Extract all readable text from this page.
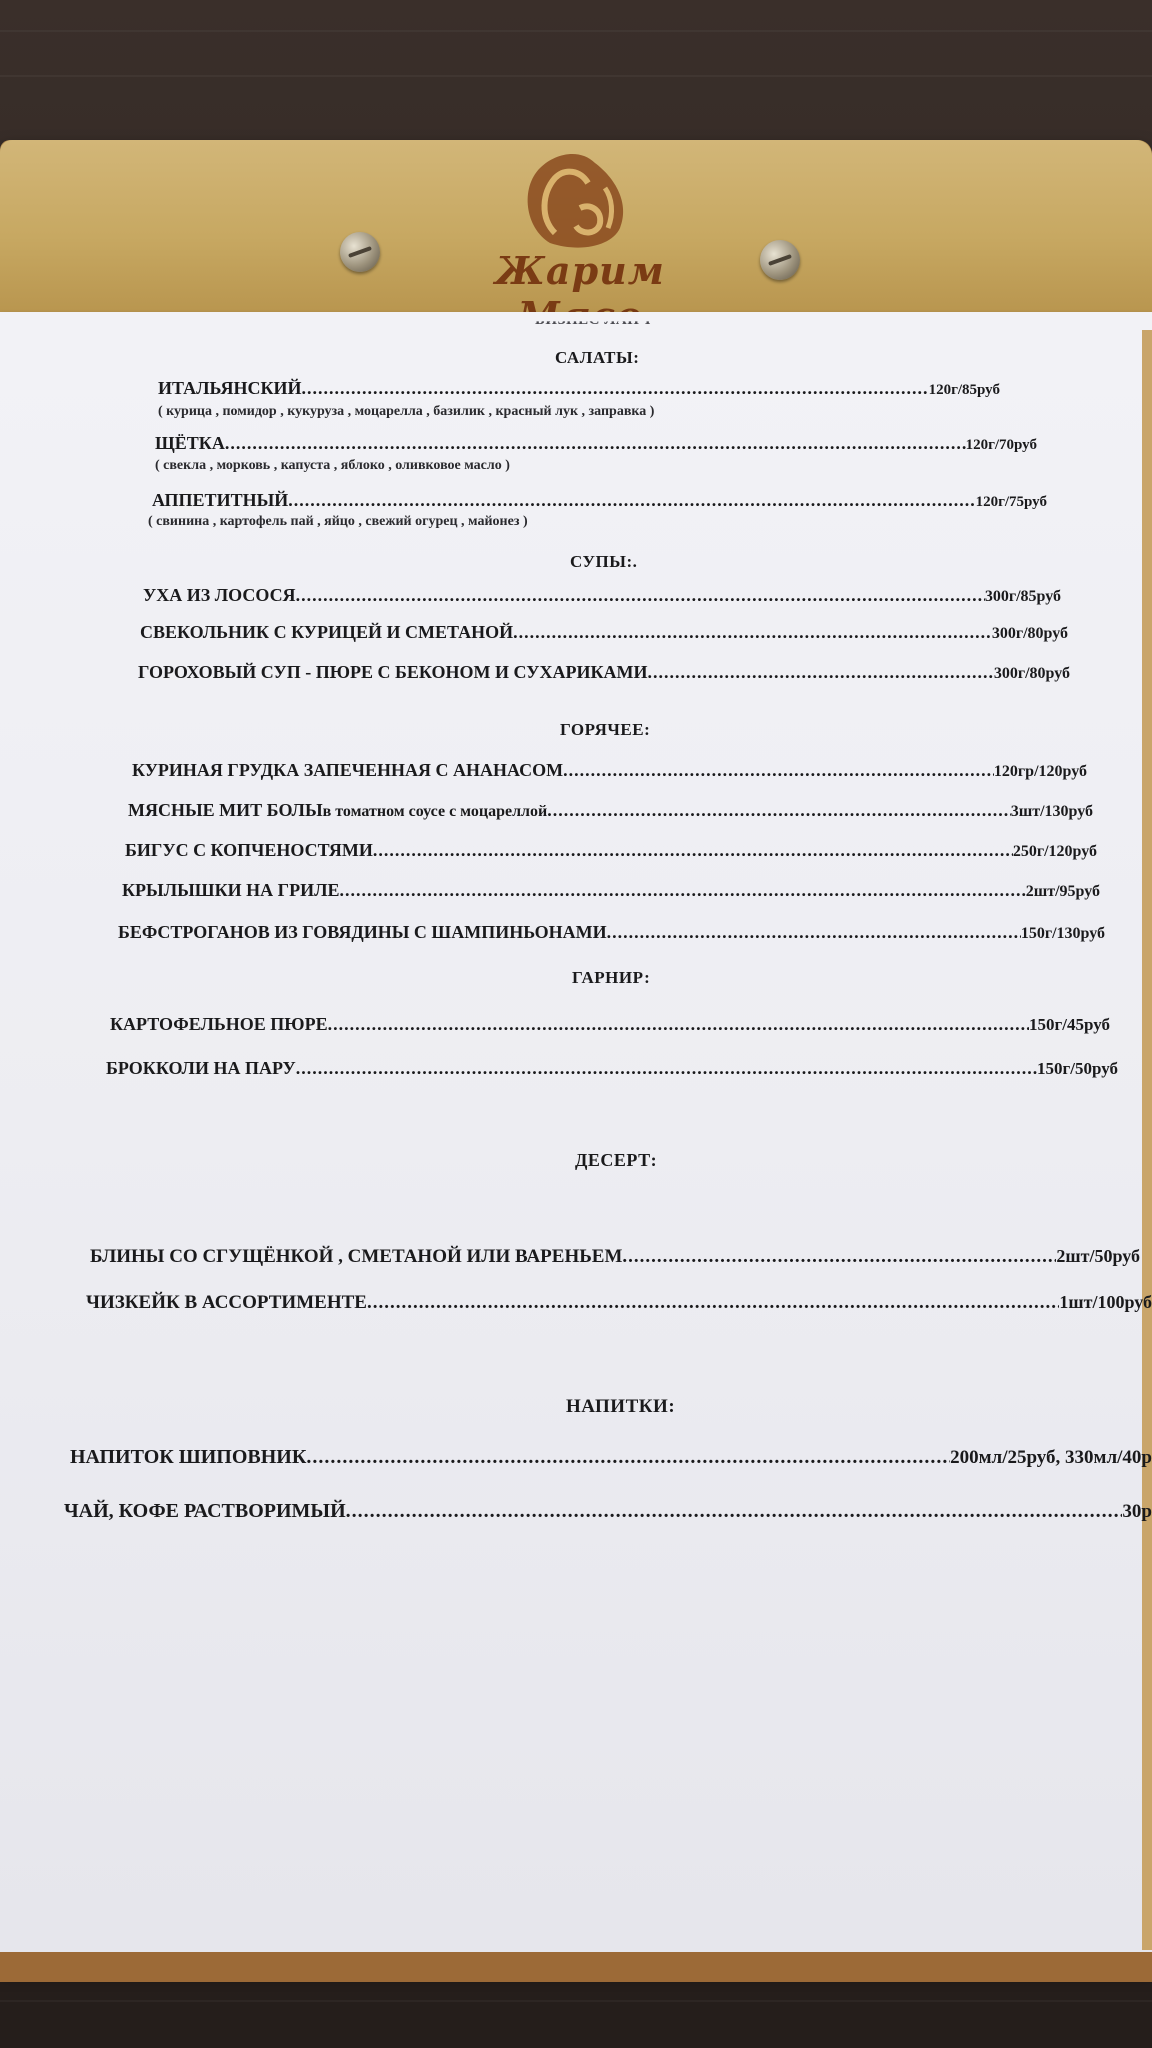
Жарим
САЛАТЫ:
ИТАЛЬЯНСКИЙ .....	120г/85руб
( курица , помидор , кукуруза , моцарелла , базилик , красный лук , заправка )
ЩЁТКА .....	120г/70руб
( свекла , морковь , капуста , яблоко , оливковое масло )
АППЕТИТНЫЙ .....	120г/75руб
( свинина , картофель пай , яйцо , свежий огурец , майонез )
СУПЫ:.
УХА ИЗ ЛОСОСЯ .....	300г/85руб
СВЕКОЛЬНИК С КУРИЦЕЙ И СМЕТАНОЙ .....	300г/80руб
ГОРОХОВЫЙ СУП - ПЮРЕ С БЕКОНОМ И СУХАРИКАМИ .....	300г/80руб
ГОРЯЧЕЕ:
КУРИНАЯ ГРУДКА ЗАПЕЧЕННАЯ С АНАНАСОМ .....	120гр/120руб
МЯСНЫЕ МИТ БОЛЫ в томатном соусе с моцареллой .....	3шт/130руб
БИГУС С КОПЧЕНОСТЯМИ .....	250г/120руб
КРЫЛЫШКИ НА ГРИЛЕ .....	2шт/95руб
БЕФСТРОГАНОВ ИЗ ГОВЯДИНЫ С ШАМПИНЬОНАМИ .....	150г/130руб
ГАРНИР:
КАРТОФЕЛЬНОЕ ПЮРЕ .....	150г/45руб
БРОККОЛИ НА ПАРУ .....	150г/50руб
ДЕСЕРТ:
БЛИНЫ СО СГУЩЁНКОЙ , СМЕТАНОЙ ИЛИ ВАРЕНЬЕМ .....	2шт/50руб
ЧИЗКЕЙК В АССОРТИМЕНТЕ .....	1шт/100руб
НАПИТКИ:
НАПИТОК ШИПОВНИК .....	200мл/25руб, 330мл/40р
ЧАЙ, КОФЕ РАСТВОРИМЫЙ .....	30р
